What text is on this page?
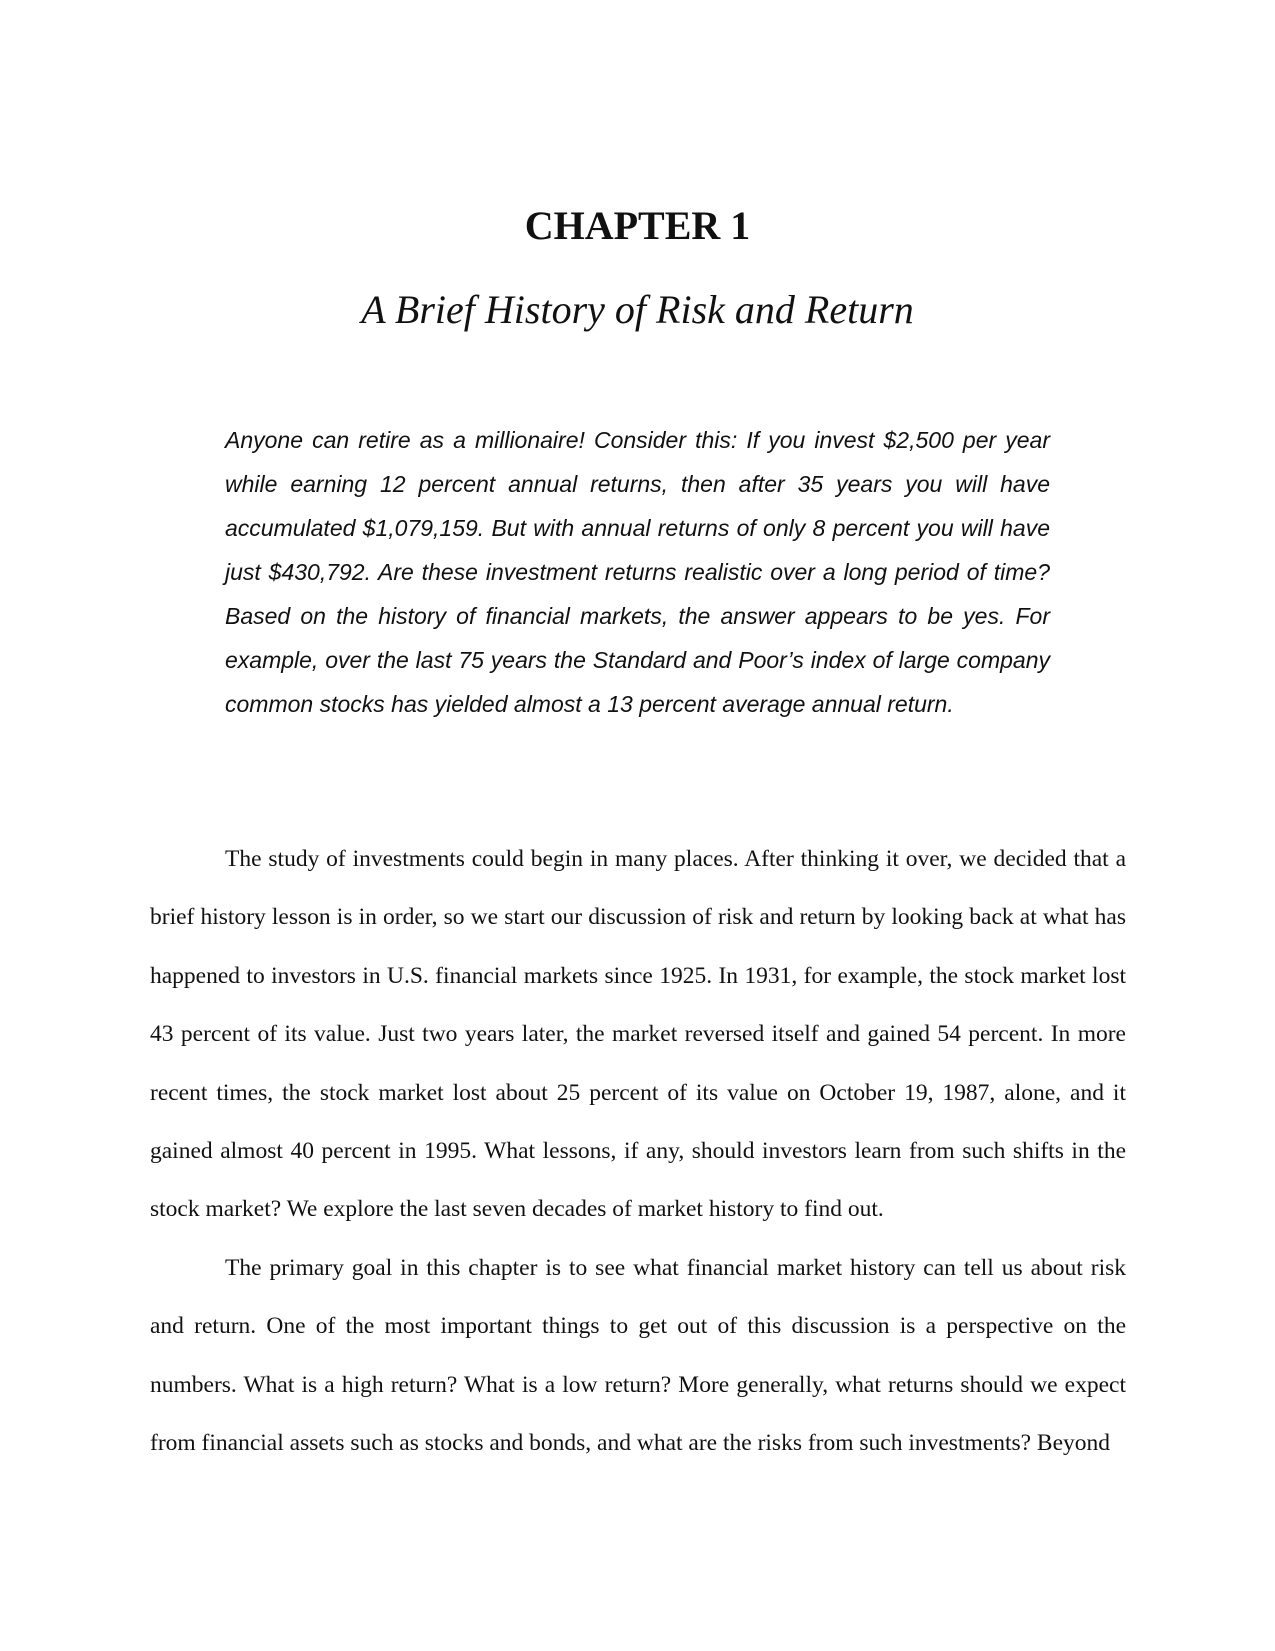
CHAPTER 1
A Brief History of Risk and Return

Anyone can retire as a millionaire! Consider this: If you invest $2,500 per year while earning 12 percent annual returns, then after 35 years you will have accumulated $1,079,159. But with annual returns of only 8 percent you will have just $430,792. Are these investment returns realistic over a long period of time? Based on the history of financial markets, the answer appears to be yes. For example, over the last 75 years the Standard and Poor’s index of large company common stocks has yielded almost a 13 percent average annual return.

The study of investments could begin in many places. After thinking it over, we decided that a brief history lesson is in order, so we start our discussion of risk and return by looking back at what has happened to investors in U.S. financial markets since 1925. In 1931, for example, the stock market lost 43 percent of its value. Just two years later, the market reversed itself and gained 54 percent. In more recent times, the stock market lost about 25 percent of its value on October 19, 1987, alone, and it gained almost 40 percent in 1995. What lessons, if any, should investors learn from such shifts in the stock market? We explore the last seven decades of market history to find out.

The primary goal in this chapter is to see what financial market history can tell us about risk and return. One of the most important things to get out of this discussion is a perspective on the numbers. What is a high return? What is a low return? More generally, what returns should we expect from financial assets such as stocks and bonds, and what are the risks from such investments? Beyond
